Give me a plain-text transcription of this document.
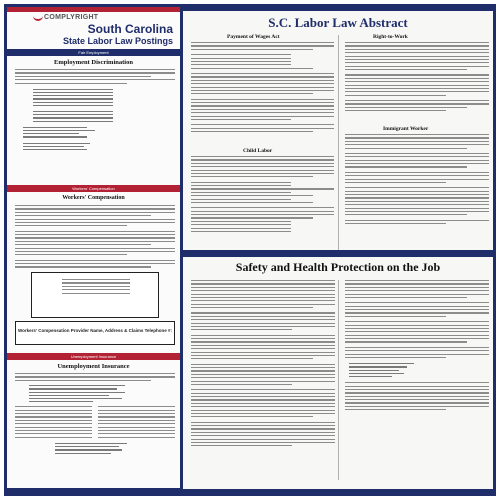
COMPLYRIGHT
South Carolina
State Labor Law Postings
Fair Employment
Employment Discrimination
Workers' Compensation
Workers' Compensation
Workers' Compensation Provider Name, Address & Claims Telephone #:
Unemployment Insurance
Unemployment Insurance
S.C. Labor Law Abstract
Payment of Wages Act	Right-to-Work
Child Labor
Immigrant Worker
Safety and Health Protection on the Job
